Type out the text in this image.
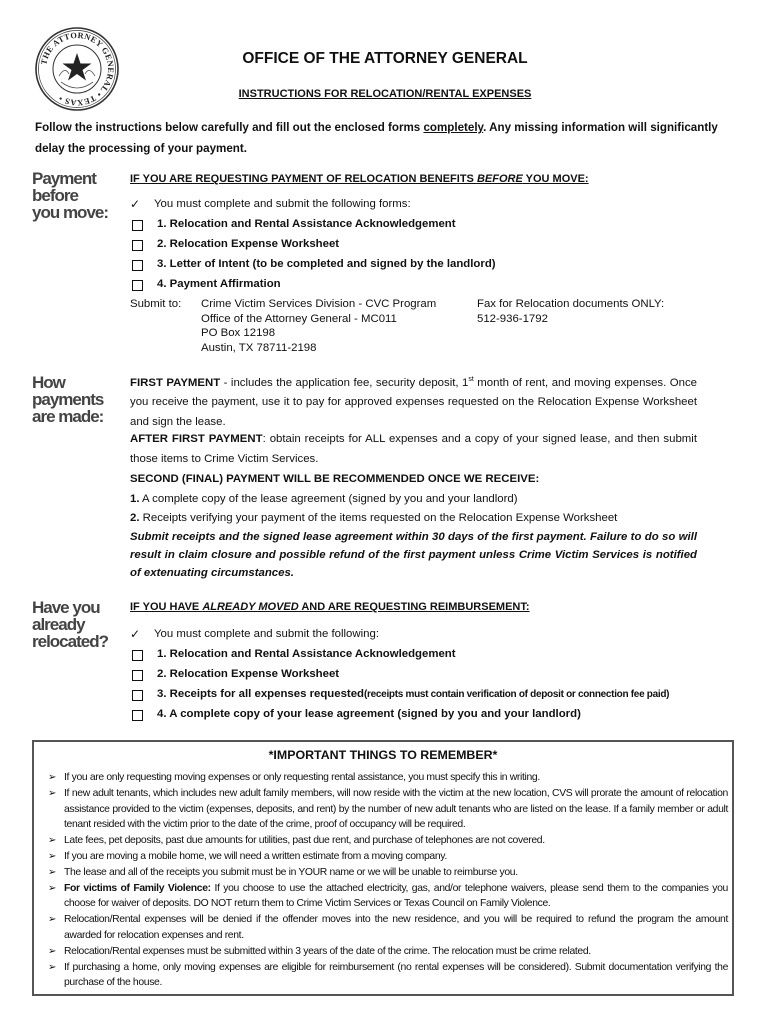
THE ATTORNEY GENERAL • TEXAS •
OFFICE OF THE ATTORNEY GENERAL
INSTRUCTIONS FOR RELOCATION/RENTAL EXPENSES
Follow the instructions below carefully and fill out the enclosed forms completely. Any missing information will significantly delay the processing of your payment.
Payment
before
you move:
IF YOU ARE REQUESTING PAYMENT OF RELOCATION BENEFITS BEFORE YOU MOVE:
✓	You must complete and submit the following forms:
1. Relocation and Rental Assistance Acknowledgement
2. Relocation Expense Worksheet
3. Letter of Intent (to be completed and signed by the landlord)
4. Payment Affirmation
Submit to: Crime Victim Services Division - CVC Program
Office of the Attorney General - MC011
PO Box 12198
Austin, TX 78711-2198
Fax for Relocation documents ONLY:
512-936-1792
How
payments
are made:
FIRST PAYMENT - includes the application fee, security deposit, 1st month of rent, and moving expenses. Once you receive the payment, use it to pay for approved expenses requested on the Relocation Expense Worksheet and sign the lease.
AFTER FIRST PAYMENT: obtain receipts for ALL expenses and a copy of your signed lease, and then submit those items to Crime Victim Services.
SECOND (FINAL) PAYMENT WILL BE RECOMMENDED ONCE WE RECEIVE:
1. A complete copy of the lease agreement (signed by you and your landlord)
2. Receipts verifying your payment of the items requested on the Relocation Expense Worksheet
Submit receipts and the signed lease agreement within 30 days of the first payment. Failure to do so will result in claim closure and possible refund of the first payment unless Crime Victim Services is notified of extenuating circumstances.
Have you
already
relocated?
IF YOU HAVE ALREADY MOVED AND ARE REQUESTING REIMBURSEMENT:
✓	You must complete and submit the following:
1. Relocation and Rental Assistance Acknowledgement
2. Relocation Expense Worksheet
3. Receipts for all expenses requested (receipts must contain verification of deposit or connection fee paid)
4. A complete copy of your lease agreement (signed by you and your landlord)
*IMPORTANT THINGS TO REMEMBER*
➢ If you are only requesting moving expenses or only requesting rental assistance, you must specify this in writing.
➢ If new adult tenants, which includes new adult family members, will now reside with the victim at the new location, CVS will prorate the amount of relocation assistance provided to the victim (expenses, deposits, and rent) by the number of new adult tenants who are listed on the lease. If a family member or adult tenant resided with the victim prior to the date of the crime, proof of occupancy will be required.
➢ Late fees, pet deposits, past due amounts for utilities, past due rent, and purchase of telephones are not covered.
➢ If you are moving a mobile home, we will need a written estimate from a moving company.
➢ The lease and all of the receipts you submit must be in YOUR name or we will be unable to reimburse you.
➢ For victims of Family Violence: If you choose to use the attached electricity, gas, and/or telephone waivers, please send them to the companies you choose for waiver of deposits. DO NOT return them to Crime Victim Services or Texas Council on Family Violence.
➢ Relocation/Rental expenses will be denied if the offender moves into the new residence, and you will be required to refund the program the amount awarded for relocation expenses and rent.
➢ Relocation/Rental expenses must be submitted within 3 years of the date of the crime. The relocation must be crime related.
➢ If purchasing a home, only moving expenses are eligible for reimbursement (no rental expenses will be considered). Submit documentation verifying the purchase of the house.
